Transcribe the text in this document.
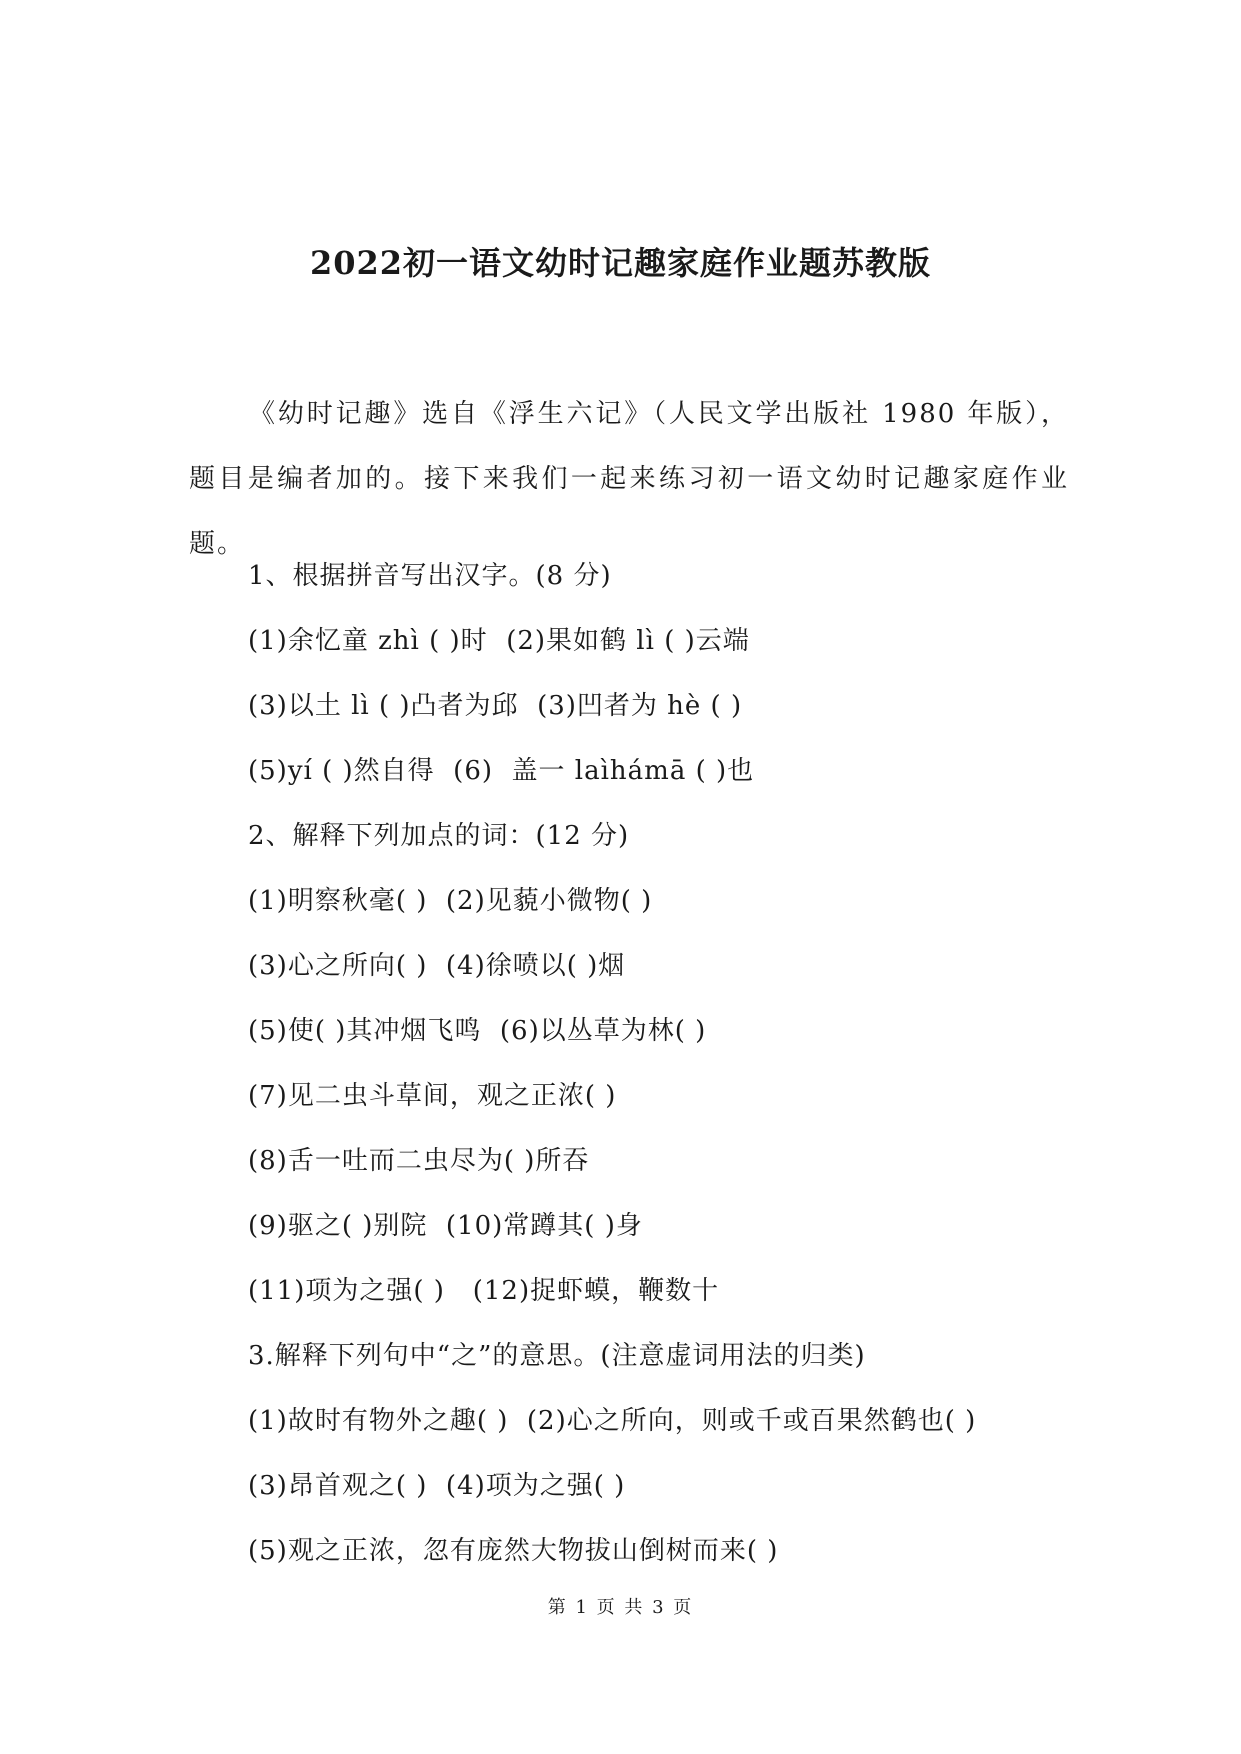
2022初一语文幼时记趣家庭作业题苏教版

《幼时记趣》选自《浮生六记》（人民文学出版社 1980 年版），题目是编者加的。接下来我们一起来练习初一语文幼时记趣家庭作业题。

1、根据拼音写出汉字。(8 分)
(1)余忆童 zhì ( )时  (2)果如鹤 lì ( )云端
(3)以土 lì ( )凸者为邱  (3)凹者为 hè ( )
(5)yí ( )然自得  (6)  盖一 laìhámā ( )也
2、解释下列加点的词：(12 分)
(1)明察秋毫( )  (2)见藐小微物( )
(3)心之所向( )  (4)徐喷以( )烟
(5)使( )其冲烟飞鸣  (6)以丛草为林( )
(7)见二虫斗草间，观之正浓( )
(8)舌一吐而二虫尽为( )所吞
(9)驱之( )别院  (10)常蹲其( )身
(11)项为之强( )   (12)捉虾蟆，鞭数十
3.解释下列句中“之”的意思。(注意虚词用法的归类)
(1)故时有物外之趣( )  (2)心之所向，则或千或百果然鹤也( )
(3)昂首观之( )  (4)项为之强( )
(5)观之正浓，忽有庞然大物拔山倒树而来( )
第 1 页 共 3 页
